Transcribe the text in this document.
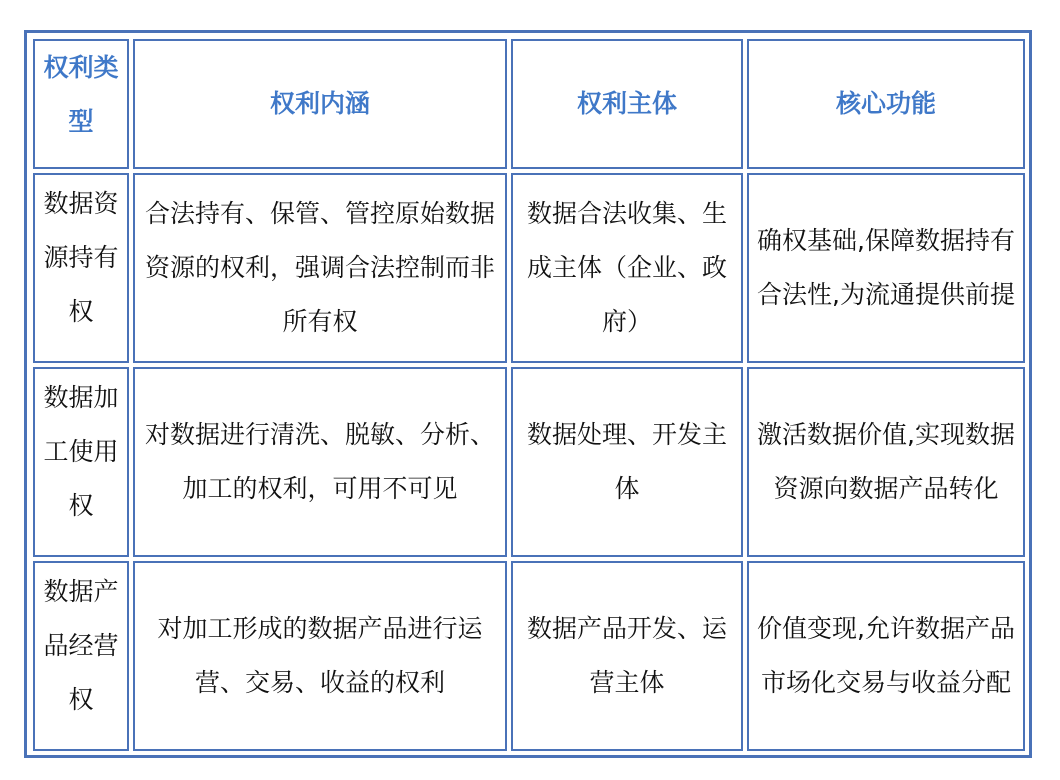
权利类型	权利内涵	权利主体	核心功能
数据资源持有权	合法持有、保管、管控原始数据资源的权利，强调合法控制而非所有权	数据合法收集、生成主体（企业、政府）	确权基础,保障数据持有合法性,为流通提供前提
数据加工使用权	对数据进行清洗、脱敏、分析、加工的权利，可用不可见	数据处理、开发主体	激活数据价值,实现数据资源向数据产品转化
数据产品经营权	对加工形成的数据产品进行运营、交易、收益的权利	数据产品开发、运营主体	价值变现,允许数据产品市场化交易与收益分配
